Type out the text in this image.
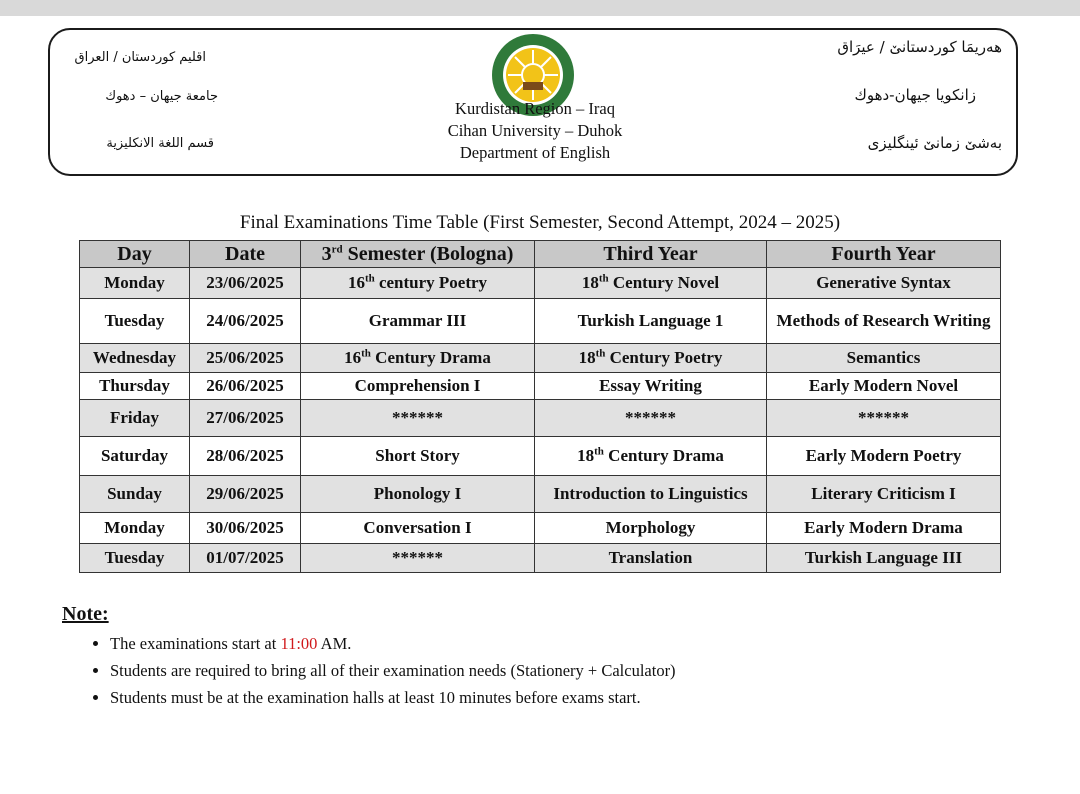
اقليم كوردستان / العراق
جامعة جيهان – دهوك
قسم اللغة الانكليزية
Kurdistan Region – Iraq
Cihan University – Duhok
Department of English
هەریمَا کوردستانێ / عیرَاق
زانکویا جیهان-دهوك
بەشێ زمانێ ئینگلیزی
Final Examinations Time Table (First Semester, Second Attempt, 2024 – 2025)
Day	Date	3rd Semester (Bologna)	Third Year	Fourth Year
Monday	23/06/2025	16th century Poetry	18th Century Novel	Generative Syntax
Tuesday	24/06/2025	Grammar III	Turkish Language 1	Methods of Research Writing
Wednesday	25/06/2025	16th Century Drama	18th Century Poetry	Semantics
Thursday	26/06/2025	Comprehension I	Essay Writing	Early Modern Novel
Friday	27/06/2025	******	******	******
Saturday	28/06/2025	Short Story	18th Century Drama	Early Modern Poetry
Sunday	29/06/2025	Phonology I	Introduction to Linguistics	Literary Criticism I
Monday	30/06/2025	Conversation I	Morphology	Early Modern Drama
Tuesday	01/07/2025	******	Translation	Turkish Language III
Note:
• The examinations start at 11:00 AM.
• Students are required to bring all of their examination needs (Stationery + Calculator)
• Students must be at the examination halls at least 10 minutes before exams start.
